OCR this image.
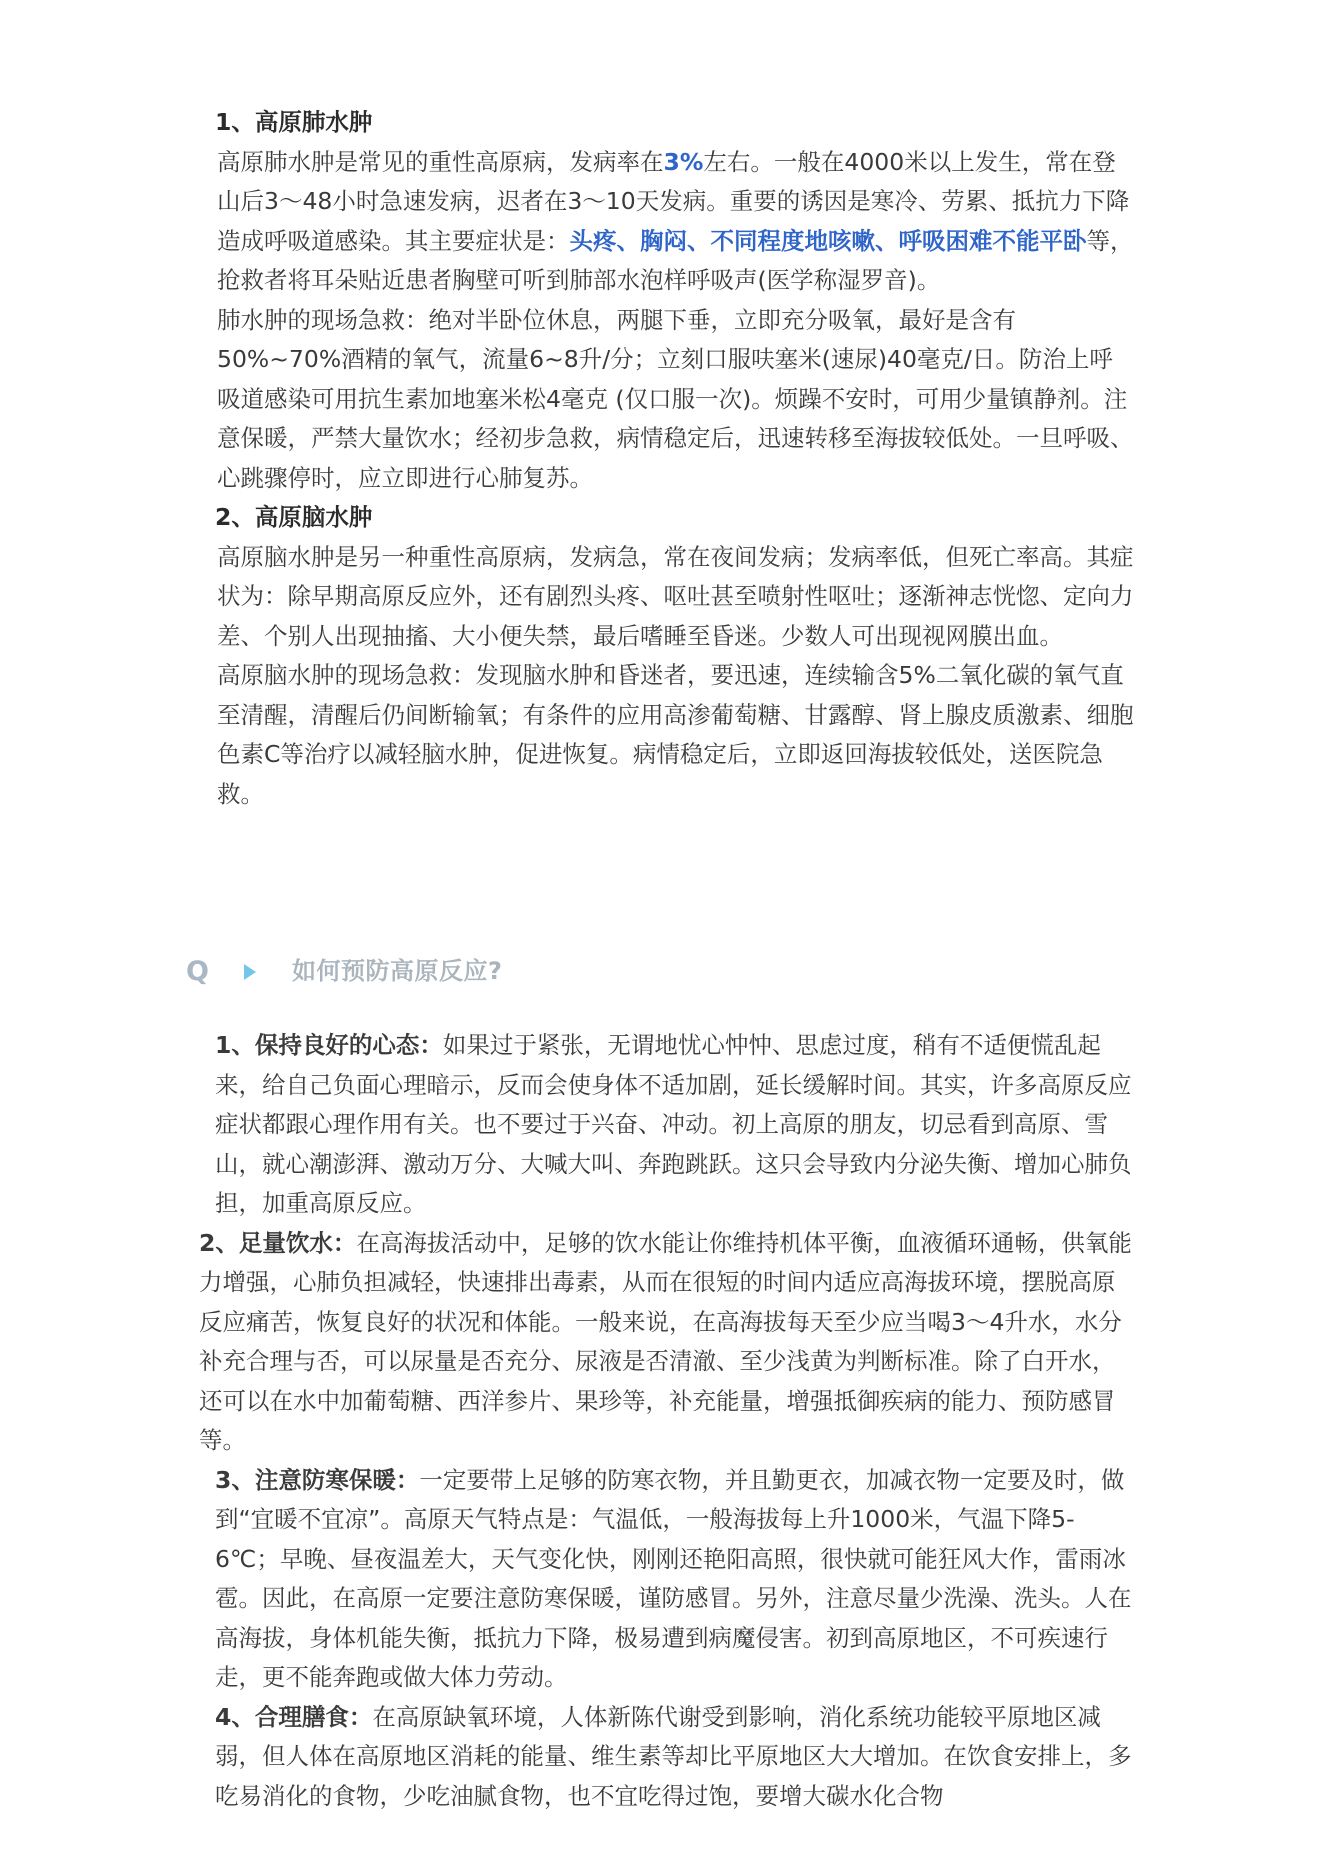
1、高原肺水肿

高原肺水肿是常见的重性高原病，发病率在3%左右。一般在4000米以上发生，常在登山后3～48小时急速发病，迟者在3～10天发病。重要的诱因是寒冷、劳累、抵抗力下降造成呼吸道感染。其主要症状是：头疼、胸闷、不同程度地咳嗽、呼吸困难不能平卧等，抢救者将耳朵贴近患者胸壁可听到肺部水泡样呼吸声(医学称湿罗音)。

肺水肿的现场急救：绝对半卧位休息，两腿下垂，立即充分吸氧，最好是含有50%~70%酒精的氧气，流量6~8升/分；立刻口服呋塞米(速尿)40毫克/日。防治上呼吸道感染可用抗生素加地塞米松4毫克 (仅口服一次)。烦躁不安时，可用少量镇静剂。注意保暖，严禁大量饮水；经初步急救，病情稳定后，迅速转移至海拔较低处。一旦呼吸、心跳骤停时，应立即进行心肺复苏。

2、高原脑水肿

高原脑水肿是另一种重性高原病，发病急，常在夜间发病；发病率低，但死亡率高。其症状为：除早期高原反应外，还有剧烈头疼、呕吐甚至喷射性呕吐；逐渐神志恍惚、定向力差、个别人出现抽搐、大小便失禁，最后嗜睡至昏迷。少数人可出现视网膜出血。

高原脑水肿的现场急救：发现脑水肿和昏迷者，要迅速，连续输含5%二氧化碳的氧气直至清醒，清醒后仍间断输氧；有条件的应用高渗葡萄糖、甘露醇、肾上腺皮质激素、细胞色素C等治疗以减轻脑水肿，促进恢复。病情稳定后，立即返回海拔较低处，送医院急救。

Q	如何预防高原反应?

1、保持良好的心态：如果过于紧张，无谓地忧心忡忡、思虑过度，稍有不适便慌乱起来，给自己负面心理暗示，反而会使身体不适加剧，延长缓解时间。其实，许多高原反应症状都跟心理作用有关。也不要过于兴奋、冲动。初上高原的朋友，切忌看到高原、雪山，就心潮澎湃、激动万分、大喊大叫、奔跑跳跃。这只会导致内分泌失衡、增加心肺负担，加重高原反应。

2、足量饮水：在高海拔活动中，足够的饮水能让你维持机体平衡，血液循环通畅，供氧能力增强，心肺负担减轻，快速排出毒素，从而在很短的时间内适应高海拔环境，摆脱高原反应痛苦，恢复良好的状况和体能。一般来说，在高海拔每天至少应当喝3～4升水，水分补充合理与否，可以尿量是否充分、尿液是否清澈、至少浅黄为判断标准。除了白开水，还可以在水中加葡萄糖、西洋参片、果珍等，补充能量，增强抵御疾病的能力、预防感冒等。

3、注意防寒保暖：一定要带上足够的防寒衣物，并且勤更衣，加减衣物一定要及时，做到“宜暖不宜凉”。高原天气特点是：气温低，一般海拔每上升1000米，气温下降5-6℃；早晚、昼夜温差大，天气变化快，刚刚还艳阳高照，很快就可能狂风大作，雷雨冰雹。因此，在高原一定要注意防寒保暖，谨防感冒。另外，注意尽量少洗澡、洗头。人在高海拔，身体机能失衡，抵抗力下降，极易遭到病魔侵害。初到高原地区，不可疾速行走，更不能奔跑或做大体力劳动。

4、合理膳食：在高原缺氧环境，人体新陈代谢受到影响，消化系统功能较平原地区减弱，但人体在高原地区消耗的能量、维生素等却比平原地区大大增加。在饮食安排上，多吃易消化的食物，少吃油腻食物，也不宜吃得过饱，要增大碳水化合物
